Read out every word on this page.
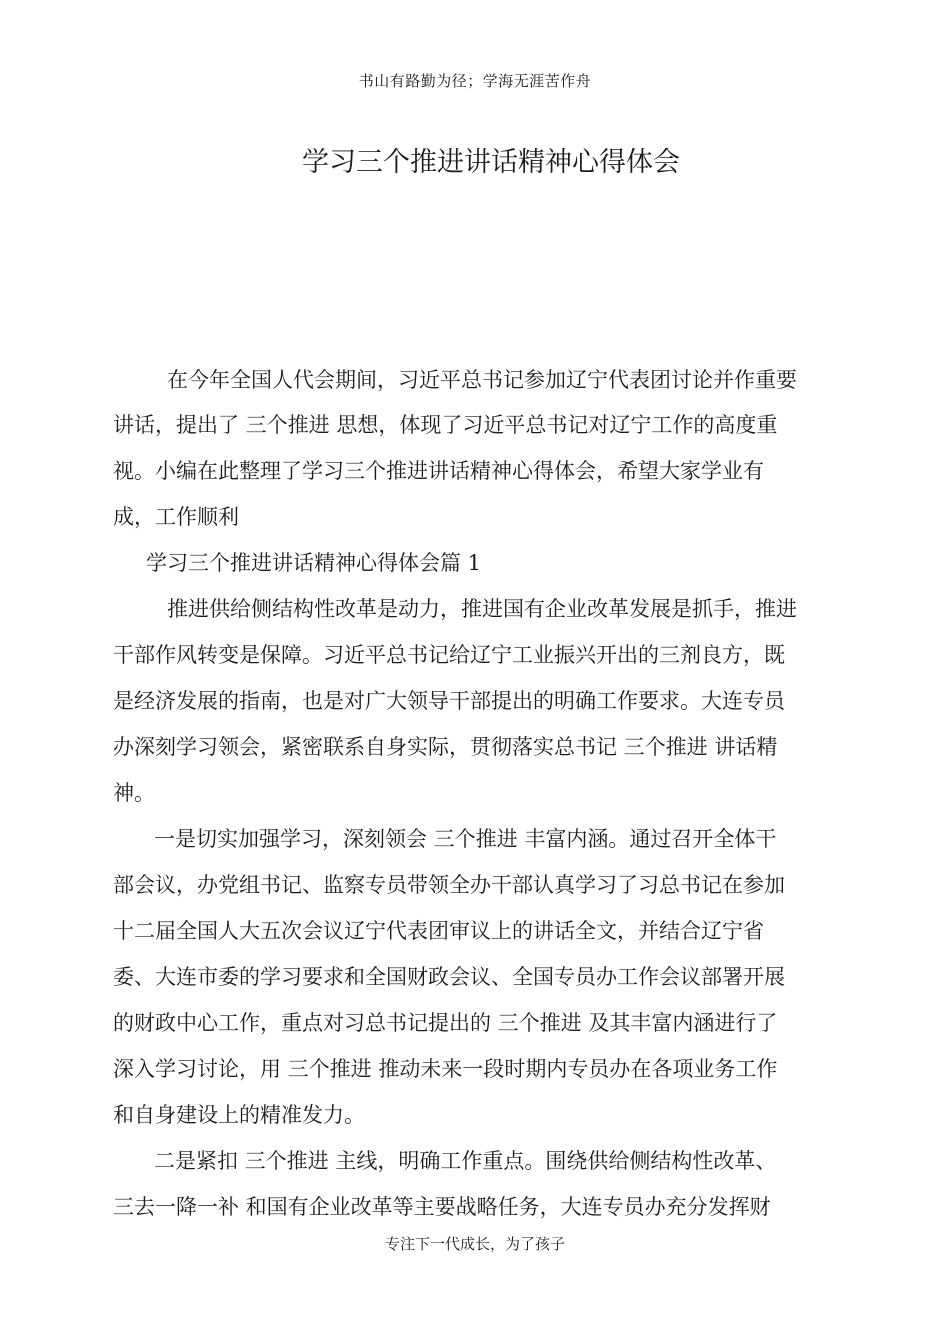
书山有路勤为径；学海无涯苦作舟
学习三个推进讲话精神心得体会
在今年全国人代会期间，习近平总书记参加辽宁代表团讨论并作重要
讲话，提出了 三个推进 思想，体现了习近平总书记对辽宁工作的高度重
视。小编在此整理了学习三个推进讲话精神心得体会，希望大家学业有
成，工作顺利
学习三个推进讲话精神心得体会篇 1
推进供给侧结构性改革是动力，推进国有企业改革发展是抓手，推进
干部作风转变是保障。习近平总书记给辽宁工业振兴开出的三剂良方，既
是经济发展的指南，也是对广大领导干部提出的明确工作要求。大连专员
办深刻学习领会，紧密联系自身实际，贯彻落实总书记 三个推进 讲话精
神。
一是切实加强学习，深刻领会 三个推进 丰富内涵。通过召开全体干
部会议，办党组书记、监察专员带领全办干部认真学习了习总书记在参加
十二届全国人大五次会议辽宁代表团审议上的讲话全文，并结合辽宁省
委、大连市委的学习要求和全国财政会议、全国专员办工作会议部署开展
的财政中心工作，重点对习总书记提出的 三个推进 及其丰富内涵进行了
深入学习讨论，用 三个推进 推动未来一段时期内专员办在各项业务工作
和自身建设上的精准发力。
二是紧扣 三个推进 主线，明确工作重点。围绕供给侧结构性改革、
三去一降一补 和国有企业改革等主要战略任务，大连专员办充分发挥财
专注下一代成长，为了孩子
